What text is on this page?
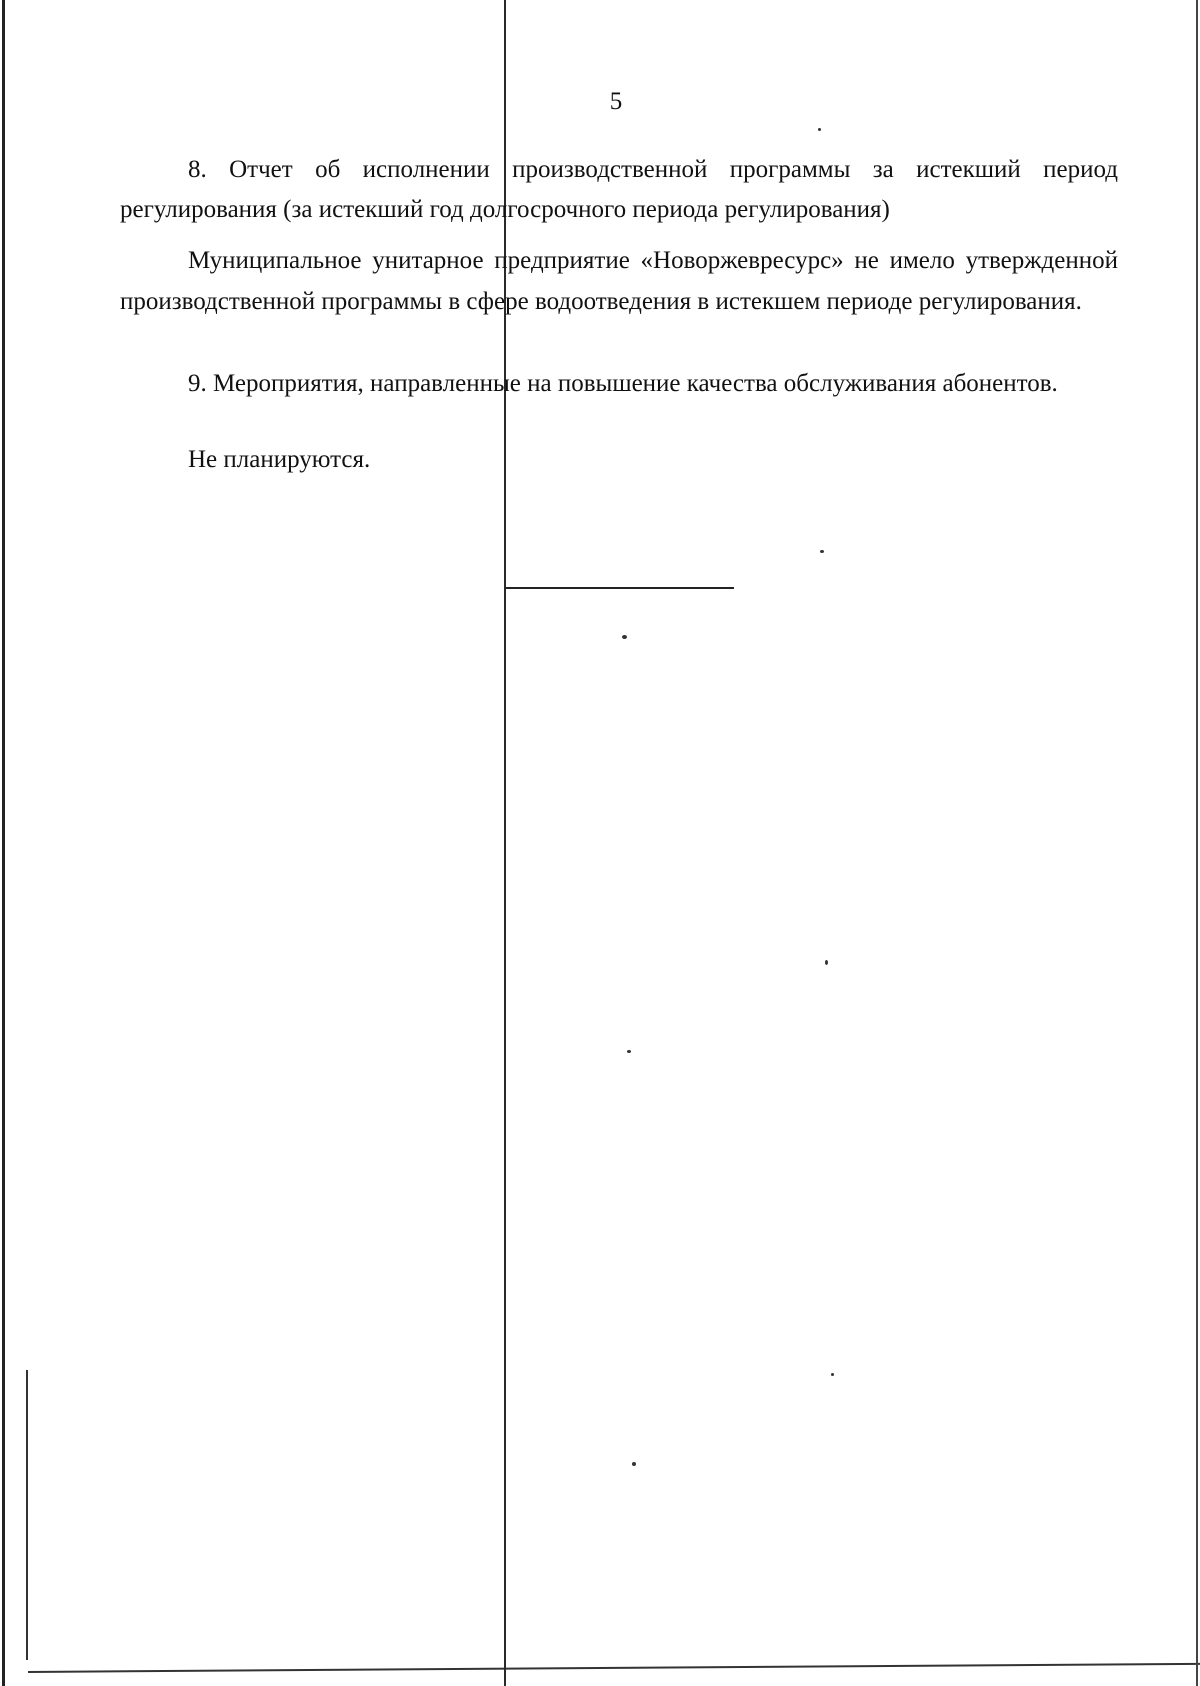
5

8. Отчет об исполнении производственной программы за истекший период регулирования (за истекший год долгосрочного периода регулирования)

Муниципальное унитарное предприятие «Новоржевресурс» не имело утвержденной производственной программы в сфере водоотведения в истекшем периоде регулирования.

9. Мероприятия, направленные на повышение качества обслуживания абонентов.

Не планируются.
